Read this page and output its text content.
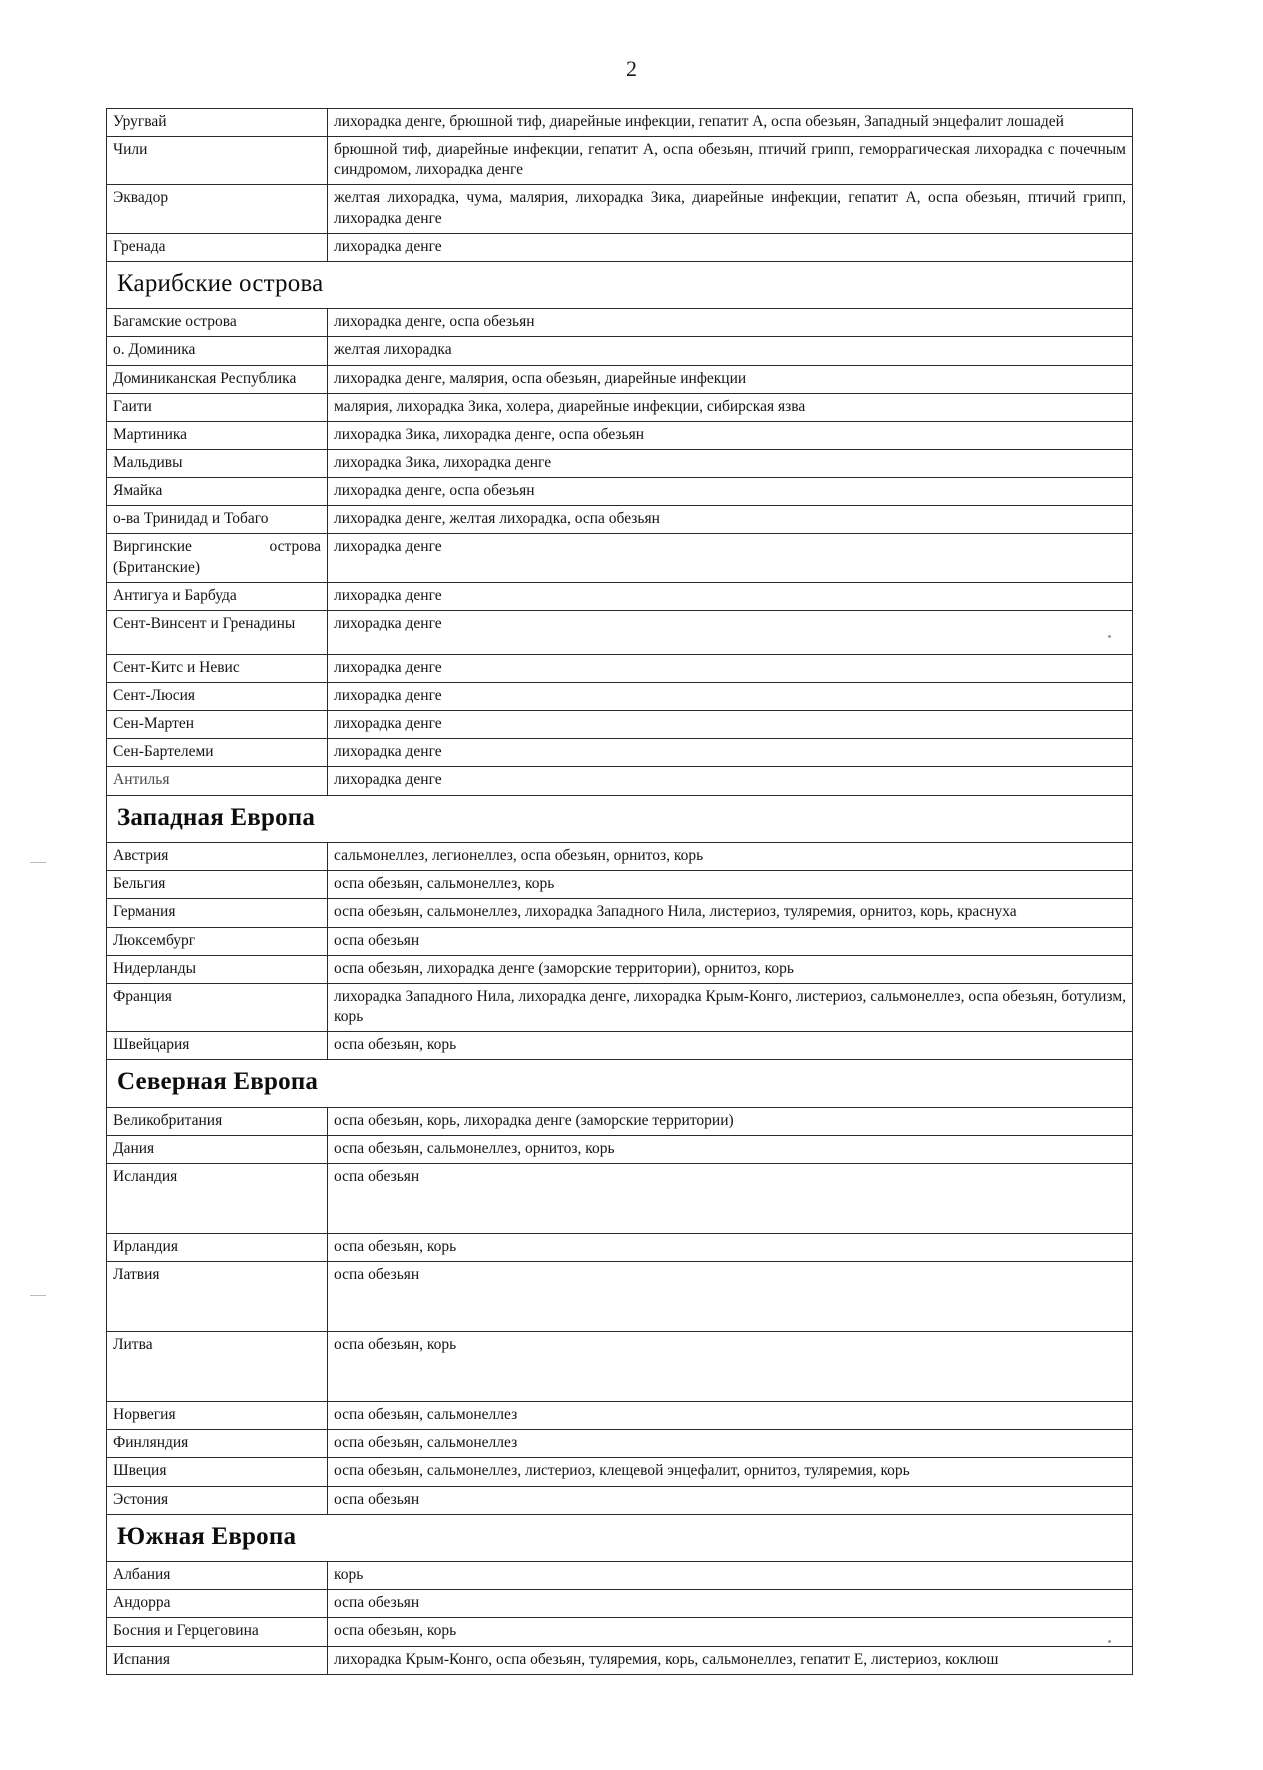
2
Уругвай	лихорадка денге, брюшной тиф, диарейные инфекции, гепатит А, оспа обезьян, Западный энцефалит лошадей
Чили	брюшной тиф, диарейные инфекции, гепатит А, оспа обезьян, птичий грипп, геморрагическая лихорадка с почечным синдромом, лихорадка денге
Эквадор	желтая лихорадка, чума, малярия, лихорадка Зика, диарейные инфекции, гепатит А, оспа обезьян, птичий грипп, лихорадка денге
Гренада	лихорадка денге
Карибские острова	
Багамские острова	лихорадка денге, оспа обезьян
о. Доминика	желтая лихорадка
Доминиканская Республика	лихорадка денге, малярия, оспа обезьян, диарейные инфекции
Гаити	малярия, лихорадка Зика, холера, диарейные инфекции, сибирская язва
Мартиника	лихорадка Зика, лихорадка денге, оспа обезьян
Мальдивы	лихорадка Зика, лихорадка денге
Ямайка	лихорадка денге, оспа обезьян
о-ва Тринидад и Тобаго	лихорадка денге, желтая лихорадка, оспа обезьян
Виргинские острова (Британские)	лихорадка денге
Антигуа и Барбуда	лихорадка денге
Сент-Винсент и Гренадины	лихорадка денге
Сент-Китс и Невис	лихорадка денге
Сент-Люсия	лихорадка денге
Сен-Мартен	лихорадка денге
Сен-Бартелеми	лихорадка денге
Антилья	лихорадка денге
Западная Европа	
Австрия	сальмонеллез, легионеллез, оспа обезьян, орнитоз, корь
Бельгия	оспа обезьян, сальмонеллез, корь
Германия	оспа обезьян, сальмонеллез, лихорадка Западного Нила, листериоз, туляремия, орнитоз, корь, краснуха
Люксембург	оспа обезьян
Нидерланды	оспа обезьян, лихорадка денге (заморские территории), орнитоз, корь
Франция	лихорадка Западного Нила, лихорадка денге, лихорадка Крым-Конго, листериоз, сальмонеллез, оспа обезьян, ботулизм, корь
Швейцария	оспа обезьян, корь
Северная Европа	
Великобритания	оспа обезьян, корь, лихорадка денге (заморские территории)
Дания	оспа обезьян, сальмонеллез, орнитоз, корь
Исландия	оспа обезьян
Ирландия	оспа обезьян, корь
Латвия	оспа обезьян
Литва	оспа обезьян, корь
Норвегия	оспа обезьян, сальмонеллез
Финляндия	оспа обезьян, сальмонеллез
Швеция	оспа обезьян, сальмонеллез, листериоз, клещевой энцефалит, орнитоз, туляремия, корь
Эстония	оспа обезьян
Южная Европа	
Албания	корь
Андорра	оспа обезьян
Босния и Герцеговина	оспа обезьян, корь
Испания	лихорадка Крым-Конго, оспа обезьян, туляремия, корь, сальмонеллез, гепатит Е, листериоз, коклюш
